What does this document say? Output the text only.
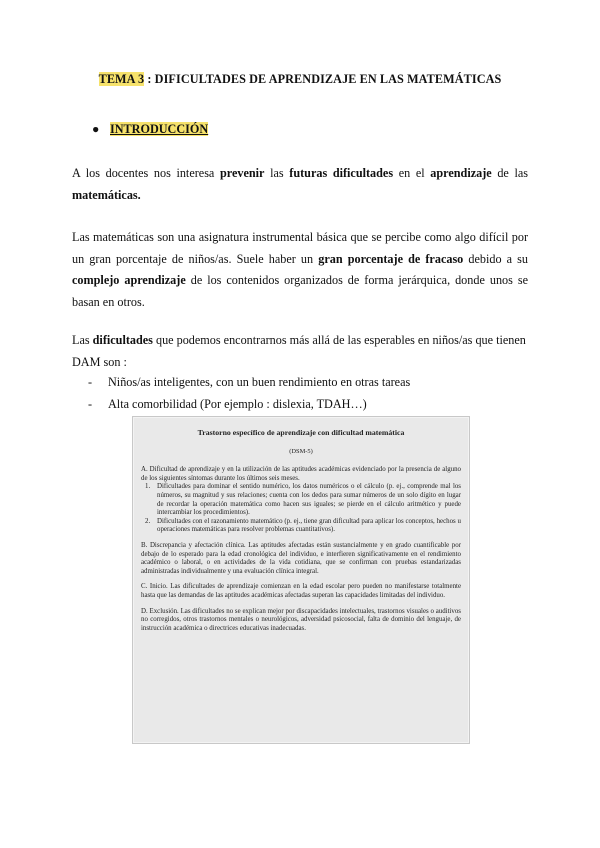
TEMA 3 : DIFICULTADES DE APRENDIZAJE EN LAS MATEMÁTICAS
● INTRODUCCIÓN
A los docentes nos interesa prevenir las futuras dificultades en el aprendizaje de las matemáticas.
Las matemáticas son una asignatura instrumental básica que se percibe como algo difícil por un gran porcentaje de niños/as. Suele haber un gran porcentaje de fracaso debido a su complejo aprendizaje de los contenidos organizados de forma jerárquica, donde unos se basan en otros.
Las dificultades que podemos encontrarnos más allá de las esperables en niños/as que tienen DAM son :
- Niños/as inteligentes, con un buen rendimiento en otras tareas
- Alta comorbilidad (Por ejemplo : dislexia, TDAH…)
Trastorno específico de aprendizaje con dificultad matemática
(DSM-5)
A. Dificultad de aprendizaje y en la utilización de las aptitudes académicas evidenciado por la presencia de alguno de los siguientes síntomas durante los últimos seis meses.
1. Dificultades para dominar el sentido numérico, los datos numéricos o el cálculo (p. ej., comprende mal los números, su magnitud y sus relaciones; cuenta con los dedos para sumar números de un solo dígito en lugar de recordar la operación matemática como hacen sus iguales; se pierde en el cálculo aritmético y puede intercambiar los procedimientos).
2. Dificultades con el razonamiento matemático (p. ej., tiene gran dificultad para aplicar los conceptos, hechos u operaciones matemáticas para resolver problemas cuantitativos).
B. Discrepancia y afectación clínica. Las aptitudes afectadas están sustancialmente y en grado cuantificable por debajo de lo esperado para la edad cronológica del individuo, e interfieren significativamente en el rendimiento académico o laboral, o en actividades de la vida cotidiana, que se confirman con pruebas estandarizadas administradas individualmente y una evaluación clínica integral.
C. Inicio. Las dificultades de aprendizaje comienzan en la edad escolar pero pueden no manifestarse totalmente hasta que las demandas de las aptitudes académicas afectadas superan las capacidades limitadas del individuo.
D. Exclusión. Las dificultades no se explican mejor por discapacidades intelectuales, trastornos visuales o auditivos no corregidos, otros trastornos mentales o neurológicos, adversidad psicosocial, falta de dominio del lenguaje, de instrucción académica o directrices educativas inadecuadas.
